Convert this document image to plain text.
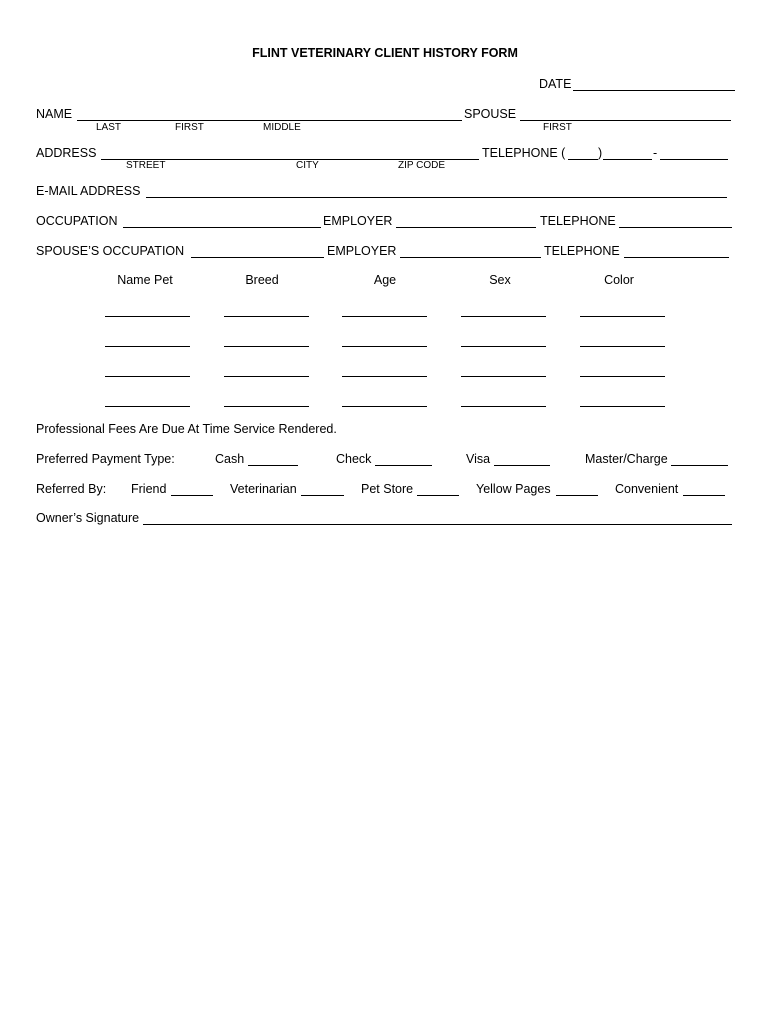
FLINT VETERINARY CLIENT HISTORY FORM
DATE
NAME
LAST	FIRST	MIDDLE
SPOUSE
FIRST
ADDRESS
STREET	CITY	ZIP CODE
TELEPHONE (	)	-
E-MAIL ADDRESS
OCCUPATION	EMPLOYER	TELEPHONE
SPOUSE’S OCCUPATION	EMPLOYER	TELEPHONE
Name Pet	Breed	Age	Sex	Color
Professional Fees Are Due At Time Service Rendered.
Preferred Payment Type:	Cash	Check	Visa	Master/Charge
Referred By: Friend	Veterinarian	Pet Store	Yellow Pages	Convenient
Owner’s Signature
